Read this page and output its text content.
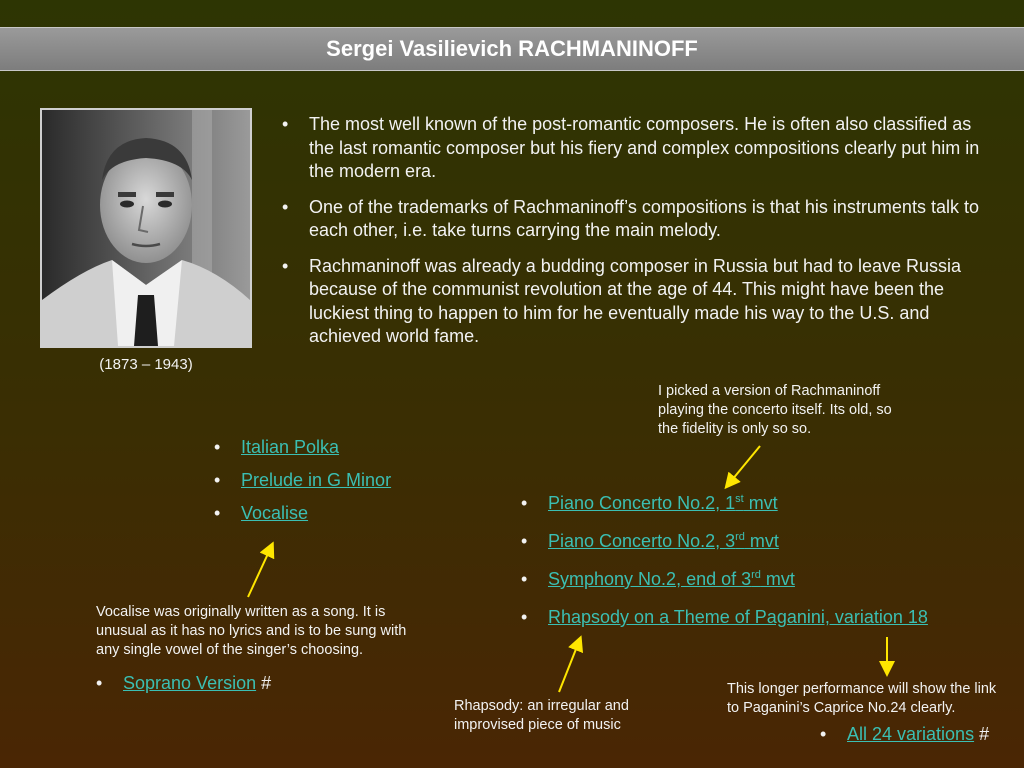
Sergei Vasilievich RACHMANINOFF
(1873 – 1943)
• The most well known of the post-romantic composers. He is often also classified as the last romantic composer but his fiery and complex compositions clearly put him in the modern era.
• One of the trademarks of Rachmaninoff’s compositions is that his instruments talk to each other, i.e. take turns carrying the main melody.
• Rachmaninoff was already a budding composer in Russia but had to leave Russia because of the communist revolution at the age of 44. This might have been the luckiest thing to happen to him for he eventually made his way to the U.S. and achieved world fame.
• Italian Polka
• Prelude in G Minor
• Vocalise
•	Piano Concerto No.2, 1st mvt
• Piano Concerto No.2, 3rd mvt
• Symphony No.2, end of 3rd mvt
• Rhapsody on a Theme of Paganini, variation 18
I picked a version of Rachmaninoff playing the concerto itself. Its old, so the fidelity is only so so.
Vocalise was originally written as a song. It is unusual as it has no lyrics and is to be sung with any single vowel of the singer’s choosing.
Rhapsody: an irregular and improvised piece of music
This longer performance will show the link to Paganini’s Caprice No.24 clearly.
• Soprano Version #
• All 24 variations #
